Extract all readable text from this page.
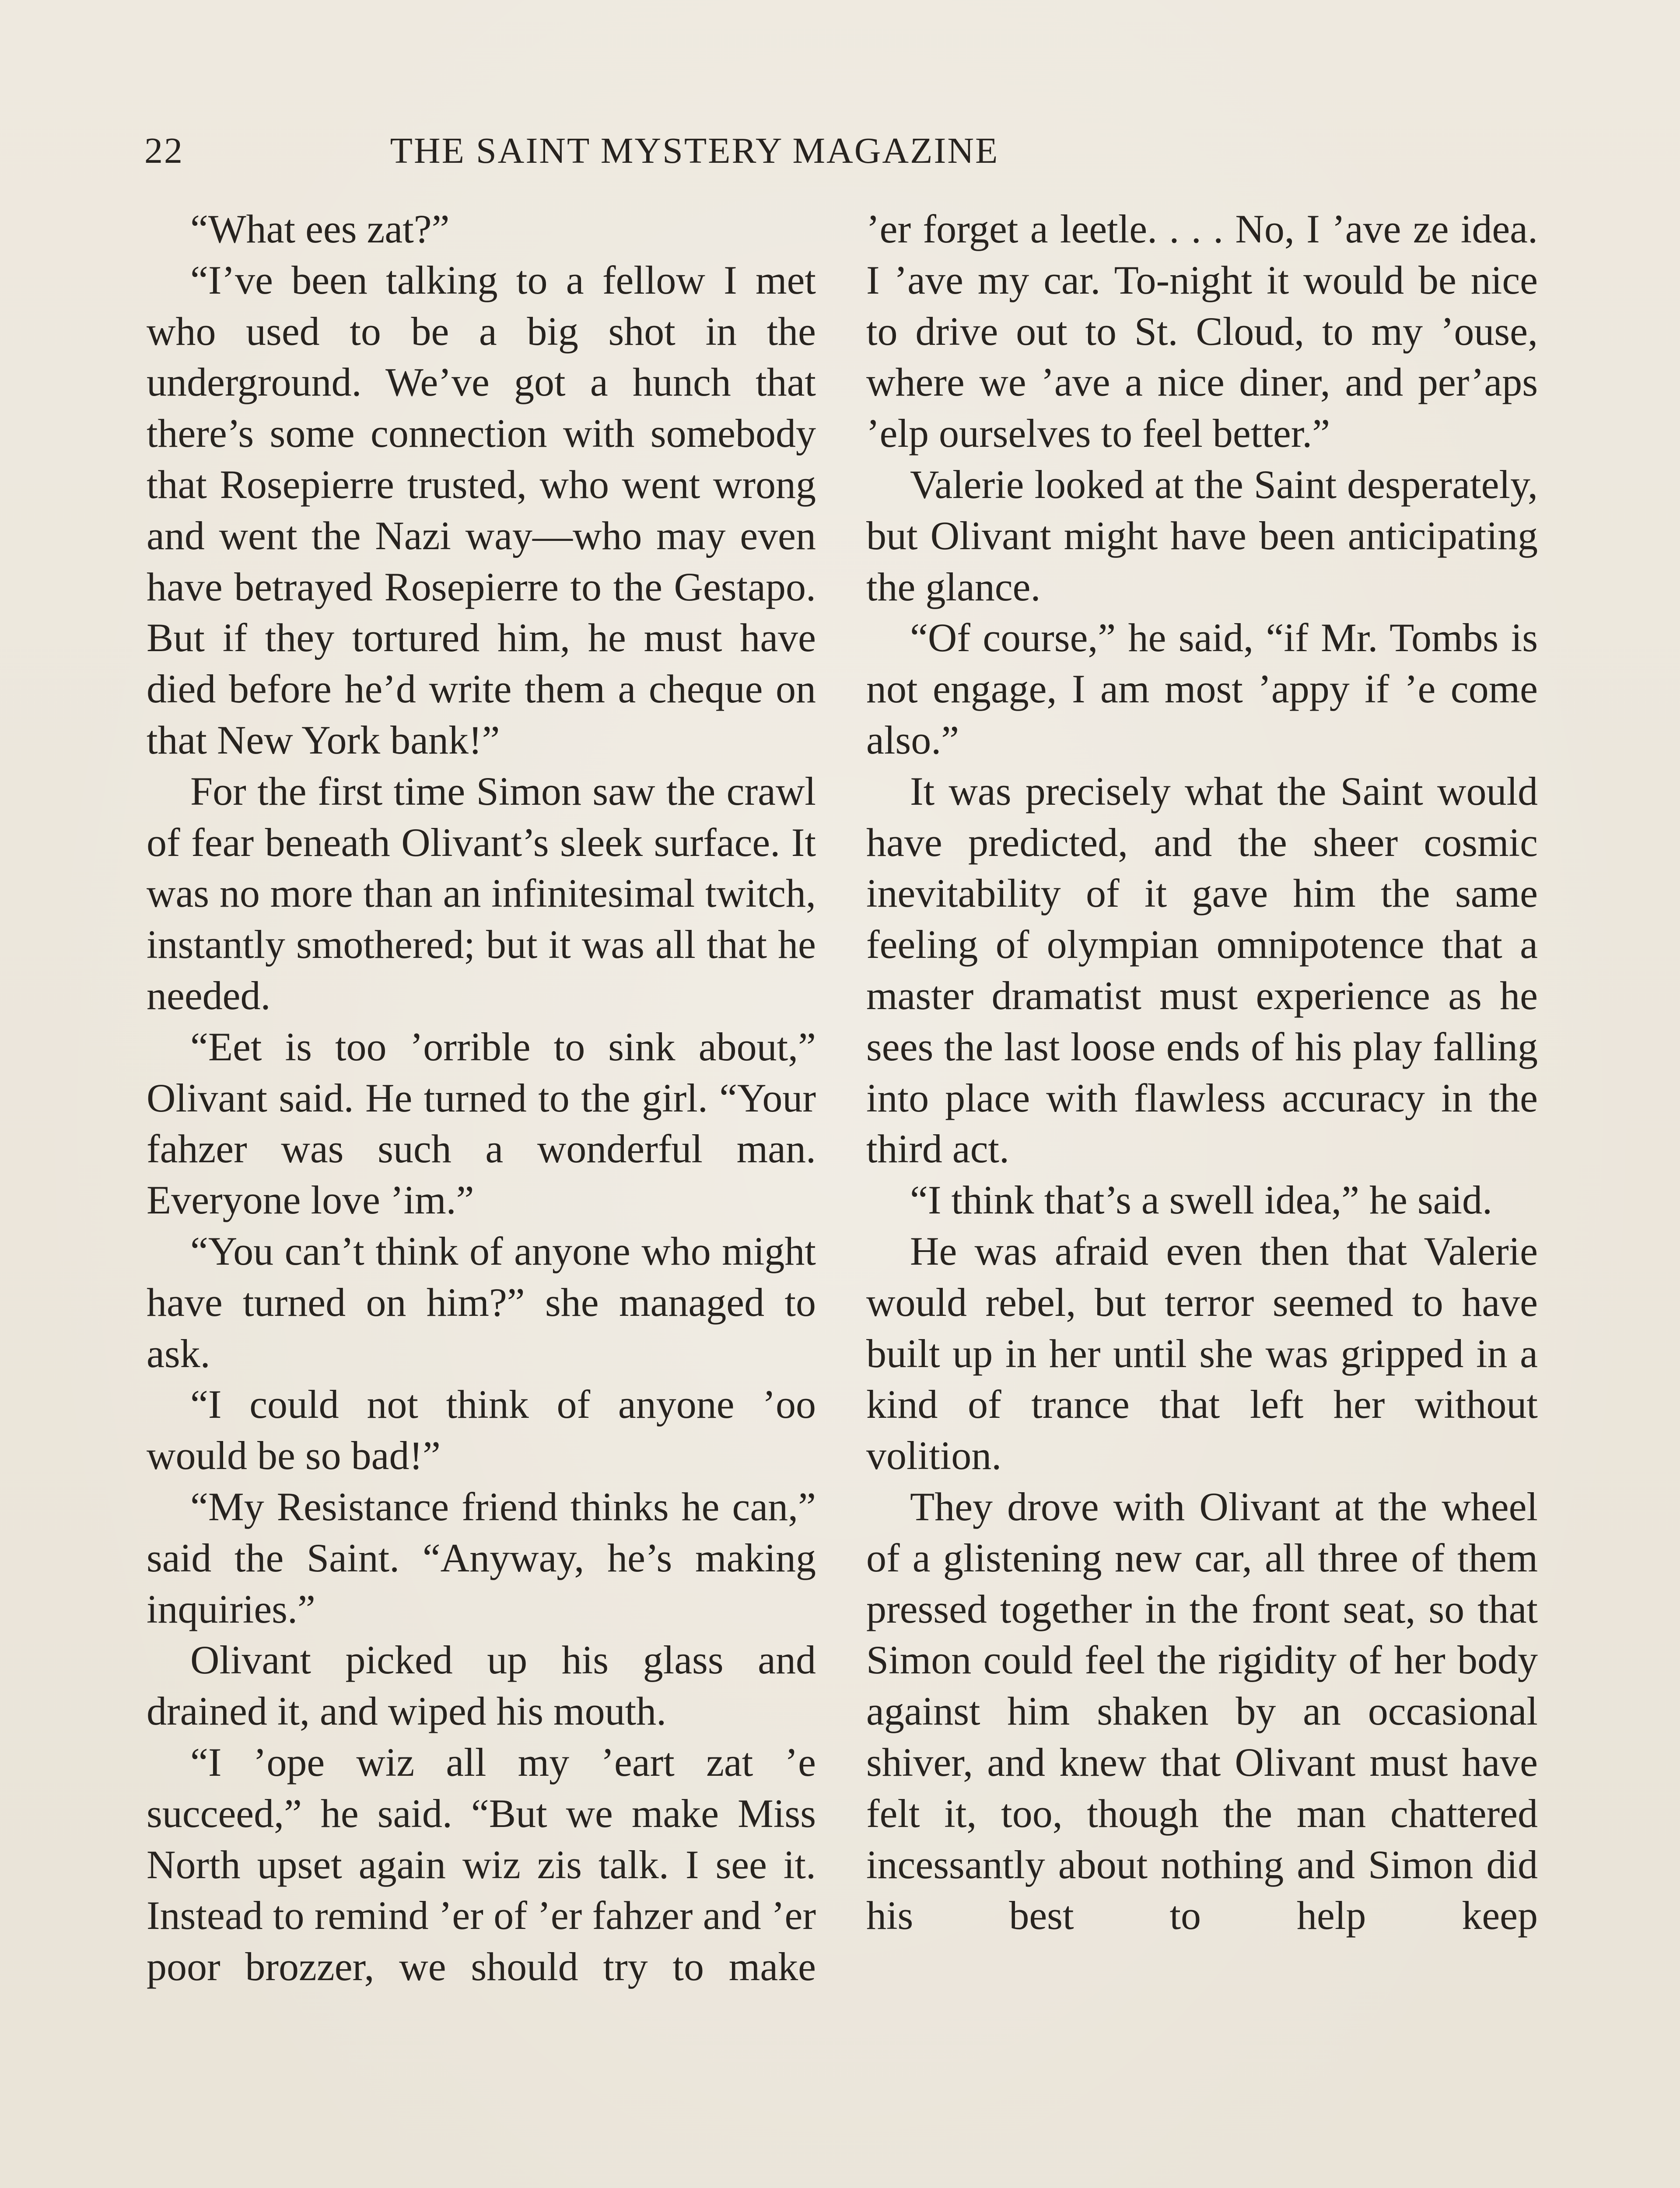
22	THE SAINT MYSTERY MAGAZINE

“What ees zat?”

“I’ve been talking to a fellow I met who used to be a big shot in the underground. We’ve got a hunch that there’s some connection with somebody that Rosepierre trusted, who went wrong and went the Nazi way—who may even have betrayed Rosepierre to the Gestapo. But if they tortured him, he must have died before he’d write them a cheque on that New York bank!”

For the first time Simon saw the crawl of fear beneath Olivant’s sleek surface. It was no more than an infinitesimal twitch, instantly smothered; but it was all that he needed.

“Eet is too ’orrible to sink about,” Olivant said. He turned to the girl. “Your fahzer was such a wonderful man. Everyone love ’im.”

“You can’t think of anyone who might have turned on him?” she managed to ask.

“I could not think of anyone ’oo would be so bad!”

“My Resistance friend thinks he can,” said the Saint. “Anyway, he’s making inquiries.”

Olivant picked up his glass and drained it, and wiped his mouth.

“I ’ope wiz all my ’eart zat ’e succeed,” he said. “But we make Miss North upset again wiz zis talk. I see it. Instead to remind ’er of ’er fahzer and ’er poor brozzer, we should try to make

’er forget a leetle. . . . No, I ’ave ze idea. I ’ave my car. To-night it would be nice to drive out to St. Cloud, to my ’ouse, where we ’ave a nice diner, and per’aps ’elp ourselves to feel better.”

Valerie looked at the Saint desperately, but Olivant might have been anticipating the glance.

“Of course,” he said, “if Mr. Tombs is not engage, I am most ’appy if ’e come also.”

It was precisely what the Saint would have predicted, and the sheer cosmic inevitability of it gave him the same feeling of olympian omnipotence that a master dramatist must experience as he sees the last loose ends of his play falling into place with flawless accuracy in the third act.

“I think that’s a swell idea,” he said.

He was afraid even then that Valerie would rebel, but terror seemed to have built up in her until she was gripped in a kind of trance that left her without volition.

They drove with Olivant at the wheel of a glistening new car, all three of them pressed together in the front seat, so that Simon could feel the rigidity of her body against him shaken by an occasional shiver, and knew that Olivant must have felt it, too, though the man chattered incessantly about nothing and Simon did his best to help keep
